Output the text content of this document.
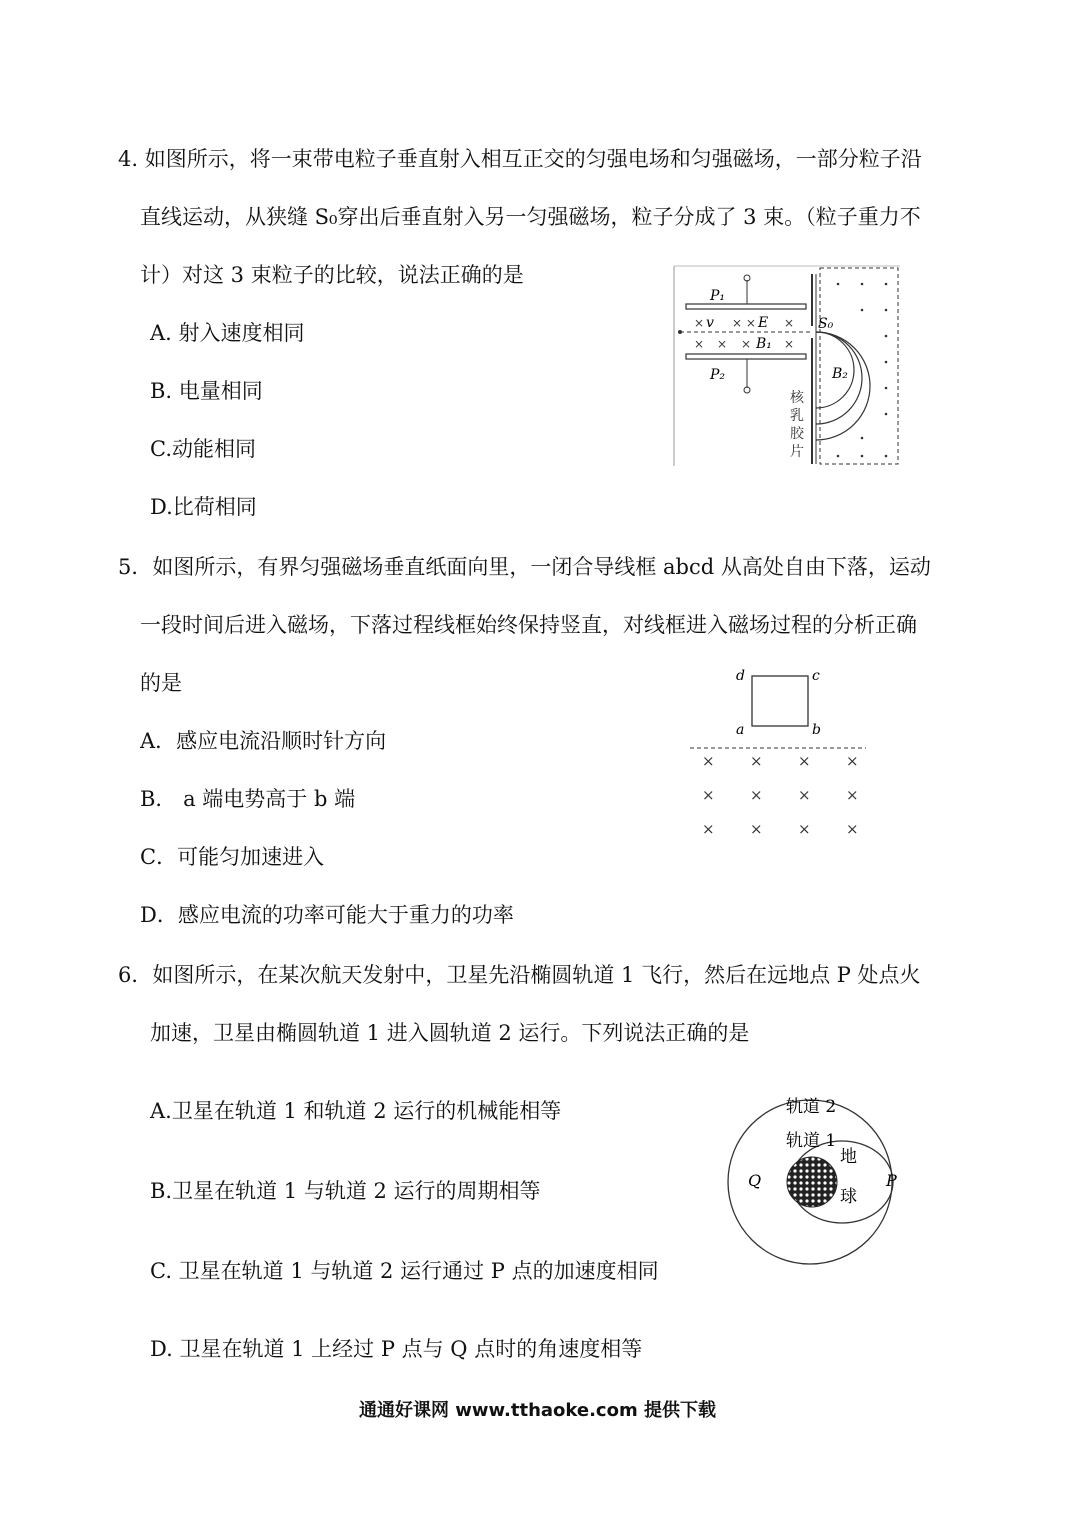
4. 如图所示，将一束带电粒子垂直射入相互正交的匀强电场和匀强磁场，一部分粒子沿
直线运动，从狭缝 S₀穿出后垂直射入另一匀强磁场，粒子分成了 3 束。（粒子重力不
计）对这 3 束粒子的比较，说法正确的是
A. 射入速度相同
B. 电量相同
C.动能相同
D.比荷相同
P₁
P₂
× × × ×
× × ×	×
v	E
B₁
S₀
B₂
核
乳
胶
片
5．如图所示，有界匀强磁场垂直纸面向里，一闭合导线框 abcd 从高处自由下落，运动
一段时间后进入磁场，下落过程线框始终保持竖直，对线框进入磁场过程的分析正确
的是
A．感应电流沿顺时针方向
B． a 端电势高于 b 端
C．可能匀加速进入
D．感应电流的功率可能大于重力的功率
d	c
a	b
× × × ×
× × × ×
× × × ×
6．如图所示，在某次航天发射中，卫星先沿椭圆轨道 1 飞行，然后在远地点 P 处点火
加速，卫星由椭圆轨道 1 进入圆轨道 2 运行。下列说法正确的是
A.卫星在轨道 1 和轨道 2 运行的机械能相等
B.卫星在轨道 1 与轨道 2 运行的周期相等
C. 卫星在轨道 1 与轨道 2 运行通过 P 点的加速度相同
D. 卫星在轨道 1 上经过 P 点与 Q 点时的角速度相等
轨道 2
轨道 1
地
球
Q	P
通通好课网 www.tthaoke.com 提供下载
